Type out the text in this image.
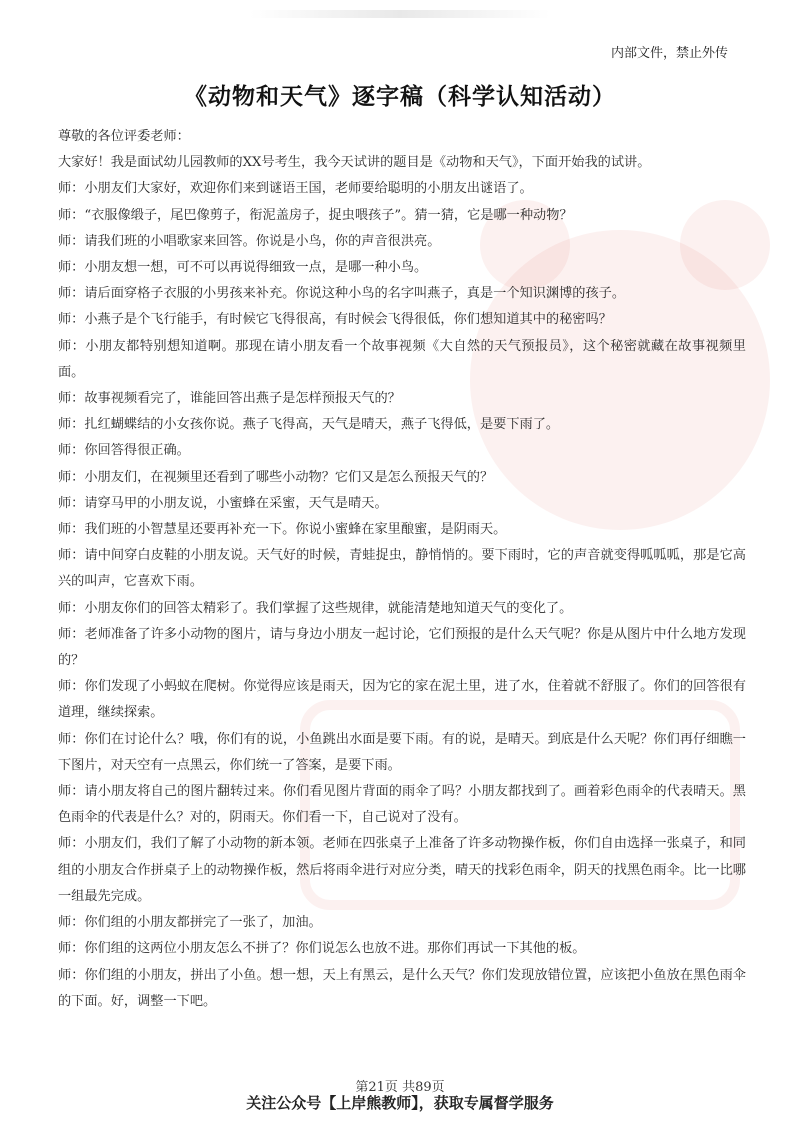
内部文件，禁止外传
《动物和天气》逐字稿（科学认知活动）

尊敬的各位评委老师：

大家好！我是面试幼儿园教师的XX号考生，我今天试讲的题目是《动物和天气》，下面开始我的试讲。

师：小朋友们大家好，欢迎你们来到谜语王国，老师要给聪明的小朋友出谜语了。

师：“衣服像缎子，尾巴像剪子，衔泥盖房子，捉虫喂孩子”。猜一猜，它是哪一种动物？

师：请我们班的小唱歌家来回答。你说是小鸟，你的声音很洪亮。

师：小朋友想一想，可不可以再说得细致一点，是哪一种小鸟。

师：请后面穿格子衣服的小男孩来补充。你说这种小鸟的名字叫燕子，真是一个知识渊博的孩子。

师：小燕子是个飞行能手，有时候它飞得很高，有时候会飞得很低，你们想知道其中的秘密吗？

师：小朋友都特别想知道啊。那现在请小朋友看一个故事视频《大自然的天气预报员》，这个秘密就藏在故事视频里面。

师：故事视频看完了，谁能回答出燕子是怎样预报天气的？

师：扎红蝴蝶结的小女孩你说。燕子飞得高，天气是晴天，燕子飞得低，是要下雨了。

师：你回答得很正确。

师：小朋友们，在视频里还看到了哪些小动物？它们又是怎么预报天气的？

师：请穿马甲的小朋友说，小蜜蜂在采蜜，天气是晴天。

师：我们班的小智慧星还要再补充一下。你说小蜜蜂在家里酿蜜，是阴雨天。

师：请中间穿白皮鞋的小朋友说。天气好的时候，青蛙捉虫，静悄悄的。要下雨时，它的声音就变得呱呱呱，那是它高兴的叫声，它喜欢下雨。

师：小朋友你们的回答太精彩了。我们掌握了这些规律，就能清楚地知道天气的变化了。

师：老师准备了许多小动物的图片，请与身边小朋友一起讨论，它们预报的是什么天气呢？你是从图片中什么地方发现的？

师：你们发现了小蚂蚁在爬树。你觉得应该是雨天，因为它的家在泥土里，进了水，住着就不舒服了。你们的回答很有道理，继续探索。

师：你们在讨论什么？哦，你们有的说，小鱼跳出水面是要下雨。有的说，是晴天。到底是什么天呢？你们再仔细瞧一下图片，对天空有一点黑云，你们统一了答案，是要下雨。

师：请小朋友将自己的图片翻转过来。你们看见图片背面的雨伞了吗？小朋友都找到了。画着彩色雨伞的代表晴天。黑色雨伞的代表是什么？对的，阴雨天。你们看一下，自己说对了没有。

师：小朋友们，我们了解了小动物的新本领。老师在四张桌子上准备了许多动物操作板，你们自由选择一张桌子，和同组的小朋友合作拼桌子上的动物操作板，然后将雨伞进行对应分类，晴天的找彩色雨伞，阴天的找黑色雨伞。比一比哪一组最先完成。

师：你们组的小朋友都拼完了一张了，加油。

师：你们组的这两位小朋友怎么不拼了？你们说怎么也放不进。那你们再试一下其他的板。

师：你们组的小朋友，拼出了小鱼。想一想，天上有黑云，是什么天气？你们发现放错位置，应该把小鱼放在黑色雨伞的下面。好，调整一下吧。

第21页 共89页
关注公众号【上岸熊教师】，获取专属督学服务
